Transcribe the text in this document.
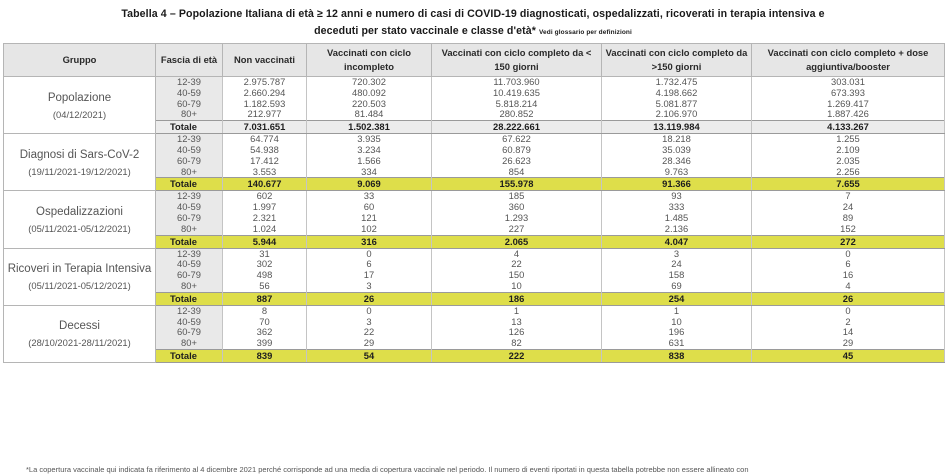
Tabella 4 – Popolazione Italiana di età ≥ 12 anni e numero di casi di COVID-19 diagnosticati, ospedalizzati, ricoverati in terapia intensiva e
deceduti per stato vaccinale e classe d'età* Vedi glossario per definizioni
Gruppo	Fascia di età	Non vaccinati	Vaccinati con ciclo incompleto	Vaccinati con ciclo completo da < 150 giorni	Vaccinati con ciclo completo da >150 giorni	Vaccinati con ciclo completo + dose aggiuntiva/booster
Popolazione
(04/12/2021)	12-39	2.975.787	720.302	11.703.960	1.732.475	303.031
	40-59	2.660.294	480.092	10.419.635	4.198.662	673.393
	60-79	1.182.593	220.503	5.818.214	5.081.877	1.269.417
	80+	212.977	81.484	280.852	2.106.970	1.887.426
	Totale	7.031.651	1.502.381	28.222.661	13.119.984	4.133.267
Diagnosi di Sars-CoV-2
(19/11/2021-19/12/2021)	12-39	64.774	3.935	67.622	18.218	1.255
	40-59	54.938	3.234	60.879	35.039	2.109
	60-79	17.412	1.566	26.623	28.346	2.035
	80+	3.553	334	854	9.763	2.256
	Totale	140.677	9.069	155.978	91.366	7.655
Ospedalizzazioni
(05/11/2021-05/12/2021)	12-39	602	33	185	93	7
	40-59	1.997	60	360	333	24
	60-79	2.321	121	1.293	1.485	89
	80+	1.024	102	227	2.136	152
	Totale	5.944	316	2.065	4.047	272
Ricoveri in Terapia Intensiva
(05/11/2021-05/12/2021)	12-39	31	0	4	3	0
	40-59	302	6	22	24	6
	60-79	498	17	150	158	16
	80+	56	3	10	69	4
	Totale	887	26	186	254	26
Decessi
(28/10/2021-28/11/2021)	12-39	8	0	1	1	0
	40-59	70	3	13	10	2
	60-79	362	22	126	196	14
	80+	399	29	82	631	29
	Totale	839	54	222	838	45
*La copertura vaccinale qui indicata fa riferimento al 4 dicembre 2021 perché corrisponde ad una media di copertura vaccinale nel periodo. Il numero di eventi riportati in questa tabella potrebbe non essere allineato con
